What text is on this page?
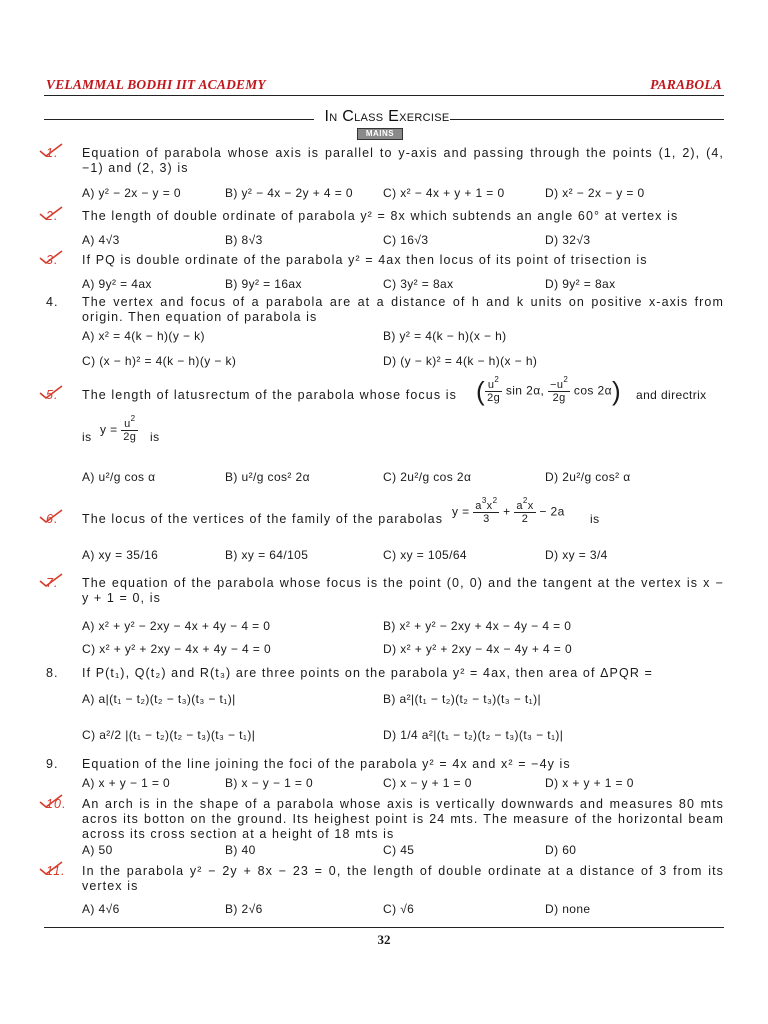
VELAMMAL BODHI IIT ACADEMY	PARABOLA
In Class Exercise
MAINS
1.	Equation of parabola whose axis is parallel to y-axis and passing through the points (1, 2), (4, −1) and (2, 3) is
A) y² − 2x − y = 0	B) y² − 4x − 2y + 4 = 0	C) x² − 4x + y + 1 = 0	D) x² − 2x − y = 0
2.	The length of double ordinate of parabola y² = 8x which subtends an angle 60° at vertex is
A) 4√3	B) 8√3	C) 16√3	D) 32√3
3.	If PQ is double ordinate of the parabola y² = 4ax then locus of its point of trisection is
A) 9y² = 4ax	B) 9y² = 16ax	C) 3y² = 8ax	D) 9y² = 8ax
4.	The vertex and focus of a parabola are at a distance of h and k units on positive x-axis from origin. Then equation of parabola is
A) x² = 4(k − h)(y − k)	B) y² = 4(k − h)(x − h)
C) (x − h)² = 4(k − h)(y − k)	D) (y − k)² = 4(k − h)(x − h)
5.	The length of latusrectum of the parabola whose focus is ( $\frac{u^2}{2g}$ sin 2α, $\frac{-u^2}{2g}$ cos 2α) and directrix
is
$y = \frac{u^2}{2g}$ is
A) u²/g cos α	B) u²/g cos² 2α	C) 2u²/g cos 2α	D) 2u²/g cos² α
6.	The locus of the vertices of the family of the parabolas
$y = \frac{a^3x^2}{3} + \frac{a^2x}{2} - 2a$
is
A) xy = 35/16	B) xy = 64/105	C) xy = 105/64	D) xy = 3/4
7.	The equation of the parabola whose focus is the point (0, 0) and the tangent at the vertex is x − y + 1 = 0, is
A) x² + y² − 2xy − 4x + 4y − 4 = 0	B) x² + y² − 2xy + 4x − 4y − 4 = 0
C) x² + y² + 2xy − 4x + 4y − 4 = 0	D) x² + y² + 2xy − 4x − 4y + 4 = 0
8.	If P(t₁), Q(t₂) and R(t₃) are three points on the parabola y² = 4ax, then area of ΔPQR =
A) a|(t₁ − t₂)(t₂ − t₃)(t₃ − t₁)|	B) a²|(t₁ − t₂)(t₂ − t₃)(t₃ − t₁)|
C) a²/2 |(t₁ − t₂)(t₂ − t₃)(t₃ − t₁)|	D) 1/4 a²|(t₁ − t₂)(t₂ − t₃)(t₃ − t₁)|
9.	Equation of the line joining the foci of the parabola y² = 4x and x² = −4y is
A) x + y − 1 = 0	B) x − y − 1 = 0	C) x − y + 1 = 0	D) x + y + 1 = 0
10.	An arch is in the shape of a parabola whose axis is vertically downwards and measures 80 mts acros its botton on the ground. Its heighest point is 24 mts. The measure of the horizontal beam across its cross section at a height of 18 mts is
A) 50	B) 40	C) 45	D) 60
11.	In the parabola y² − 2y + 8x − 23 = 0, the length of double ordinate at a distance of 3 from its vertex is
A) 4√6	B) 2√6	C) √6	D) none
32
